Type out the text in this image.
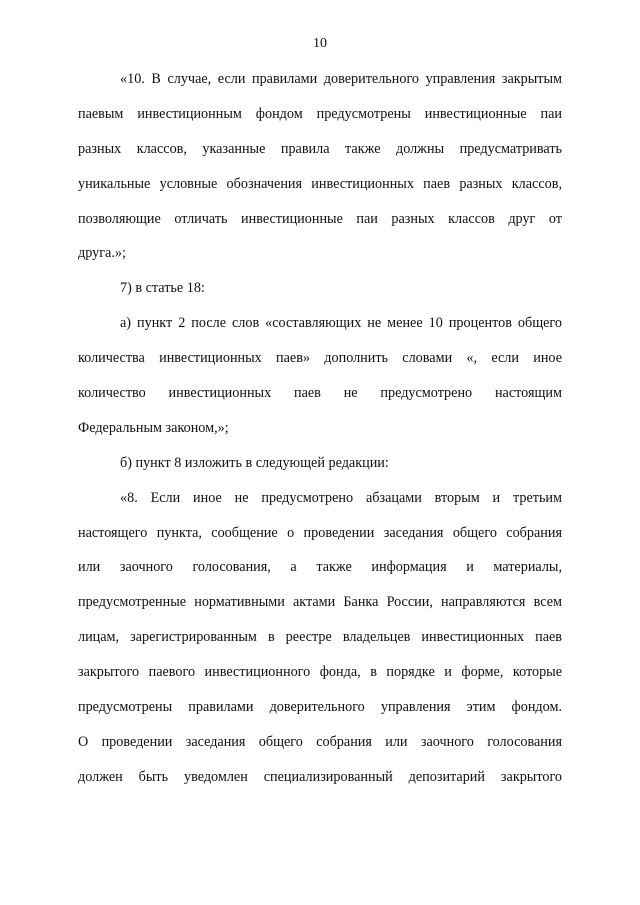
10
«10. В случае, если правилами доверительного управления закрытым
паевым инвестиционным фондом предусмотрены инвестиционные паи
разных классов, указанные правила также должны предусматривать
уникальные условные обозначения инвестиционных паев разных классов,
позволяющие отличать инвестиционные паи разных классов друг от
друга.»;
7) в статье 18:
а) пункт 2 после слов «составляющих не менее 10 процентов общего
количества инвестиционных паев» дополнить словами «, если иное
количество инвестиционных паев не предусмотрено настоящим
Федеральным законом,»;
б) пункт 8 изложить в следующей редакции:
«8. Если иное не предусмотрено абзацами вторым и третьим
настоящего пункта, сообщение о проведении заседания общего собрания
или заочного голосования, а также информация и материалы,
предусмотренные нормативными актами Банка России, направляются всем
лицам, зарегистрированным в реестре владельцев инвестиционных паев
закрытого паевого инвестиционного фонда, в порядке и форме, которые
предусмотрены правилами доверительного управления этим фондом.
О проведении заседания общего собрания или заочного голосования
должен быть уведомлен специализированный депозитарий закрытого
